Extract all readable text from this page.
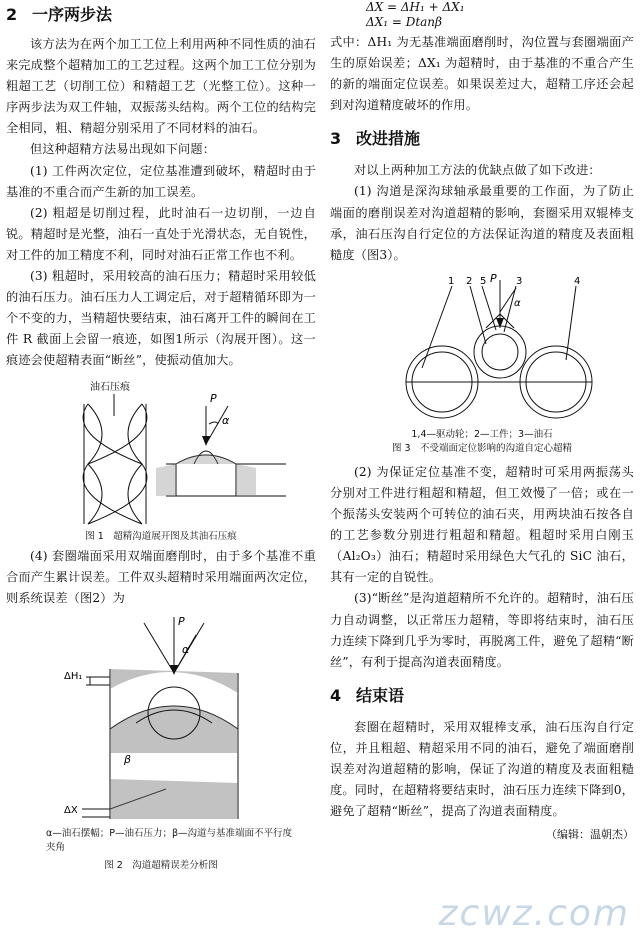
2 一序两步法

该方法为在两个加工工位上利用两种不同性质的油石来完成整个超精加工的工艺过程。这两个加工工位分别为粗超工艺（切削工位）和精超工艺（光整工位）。这种一序两步法为双工件轴，双振荡头结构。两个工位的结构完全相同，粗、精超分别采用了不同材料的油石。

但这种超精方法易出现如下问题：

(1) 工件两次定位，定位基准遭到破坏，精超时由于基准的不重合而产生新的加工误差。

(2) 粗超是切削过程，此时油石一边切削，一边自锐。精超时是光整，油石一直处于光滑状态，无自锐性，对工件的加工精度不利，同时对油石正常工作也不利。

(3) 粗超时，采用较高的油石压力；精超时采用较低的油石压力。油石压力人工调定后，对于超精循环即为一个不变的力，当精超快要结束，油石离开工件的瞬间在工件 R 截面上会留一痕迹，如图1所示（沟展开图）。这一痕迹会使超精表面“断丝”，使振动值加大。

油石压痕
P
α
图 1　超精沟道展开图及其油石压痕

(4) 套圈端面采用双端面磨削时，由于多个基准不重合而产生累计误差。工件双头超精时采用端面两次定位，则系统误差（图2）为

P
α
β
ΔH₁
ΔX
α—油石摆幅；P—油石压力；β—沟道与基准端面不平行度夹角
图 2　沟道超精误差分析图
ΔX = ΔH₁ + ΔX₁
ΔX₁ = Dtanβ

式中：ΔH₁ 为无基准端面磨削时，沟位置与套圈端面产生的原始误差；ΔX₁ 为超精时，由于基准的不重合产生的新的端面定位误差。如果误差过大，超精工序还会起到对沟道精度破坏的作用。

3 改进措施

对以上两种加工方法的优缺点做了如下改进：

(1) 沟道是深沟球轴承最重要的工作面，为了防止端面的磨削误差对沟道超精的影响，套圈采用双辊棒支承，油石压沟自行定位的方法保证沟道的精度及表面粗糙度（图3）。

1 2 5	3	4
P
α
1,4—驱动轮；2—工件；3—油石
图 3　不受端面定位影响的沟道自定心超精

(2) 为保证定位基准不变，超精时可采用两振荡头分别对工件进行粗超和精超，但工效慢了一倍；或在一个振荡头安装两个可转位的油石夹，用两块油石按各自的工艺参数分别进行粗超和精超。粗超时采用白刚玉（Al₂O₃）油石；精超时采用绿色大气孔的 SiC 油石，其有一定的自锐性。

(3)“断丝”是沟道超精所不允许的。超精时，油石压力自动调整，以正常压力超精，等即将结束时，油石压力连续下降到几乎为零时，再脱离工件，避免了超精“断丝”，有利于提高沟道表面精度。

4 结束语

套圈在超精时，采用双辊棒支承，油石压沟自行定位，并且粗超、精超采用不同的油石，避免了端面磨削误差对沟道超精的影响，保证了沟道的精度及表面粗糙度。同时，在超精将要结束时，油石压力连续下降到0，避免了超精“断丝”，提高了沟道表面精度。

（编辑：温朝杰）
zcwz.com
